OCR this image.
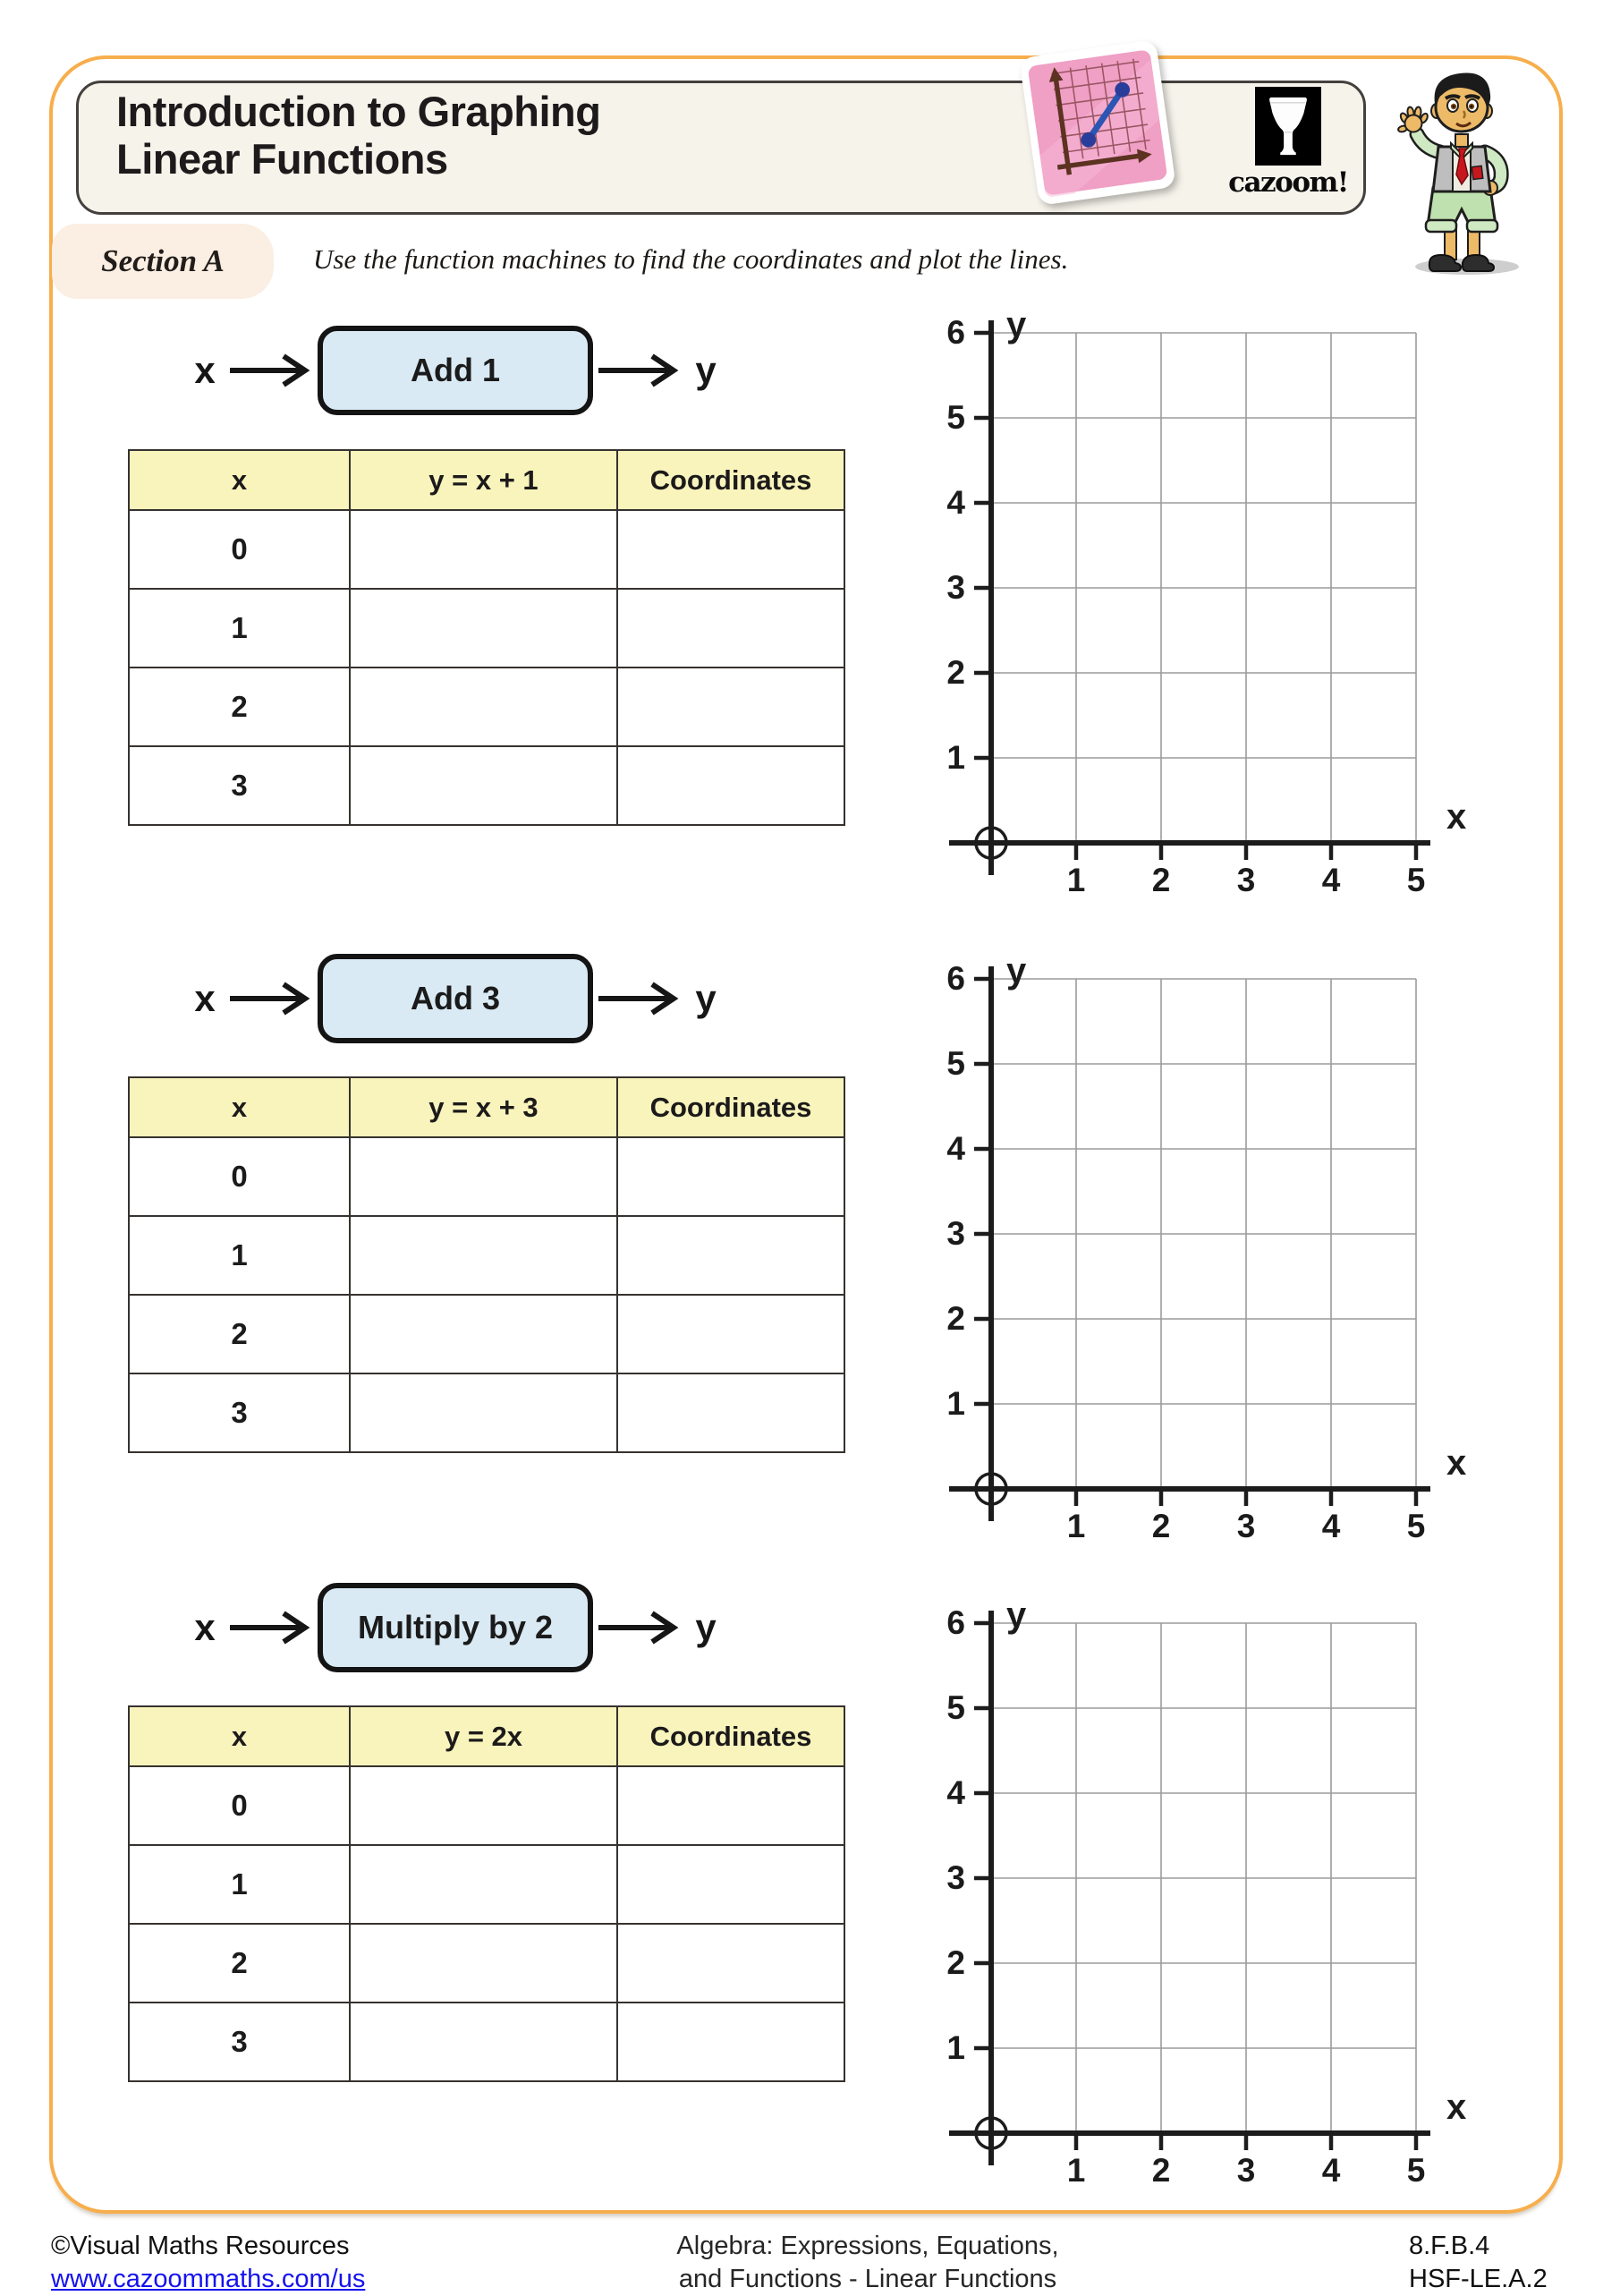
Introduction to Graphing
Linear Functions
cazoom!
Section A	Use the function machines to find the coordinates and plot the lines.
x	Add 1	y
x	y = x + 1	Coordinates
0		
1		
2		
3		
y
x
1 2 3 4 5
1
2
3
4
5
6
x	Add 3	y
x	y = x + 3	Coordinates
0		
1		
2		
3		
y
x
1 2 3 4 5
1
2
3
4
5
6
x	Multiply by 2	y
x	y = 2x	Coordinates
0		
1		
2		
3		
y
x
1 2 3 4 5
1
2
3
4
5
6
©Visual Maths Resources
www.cazoommaths.com/us
Algebra: Expressions, Equations,
and Functions - Linear Functions
8.F.B.4
HSF-LE.A.2
